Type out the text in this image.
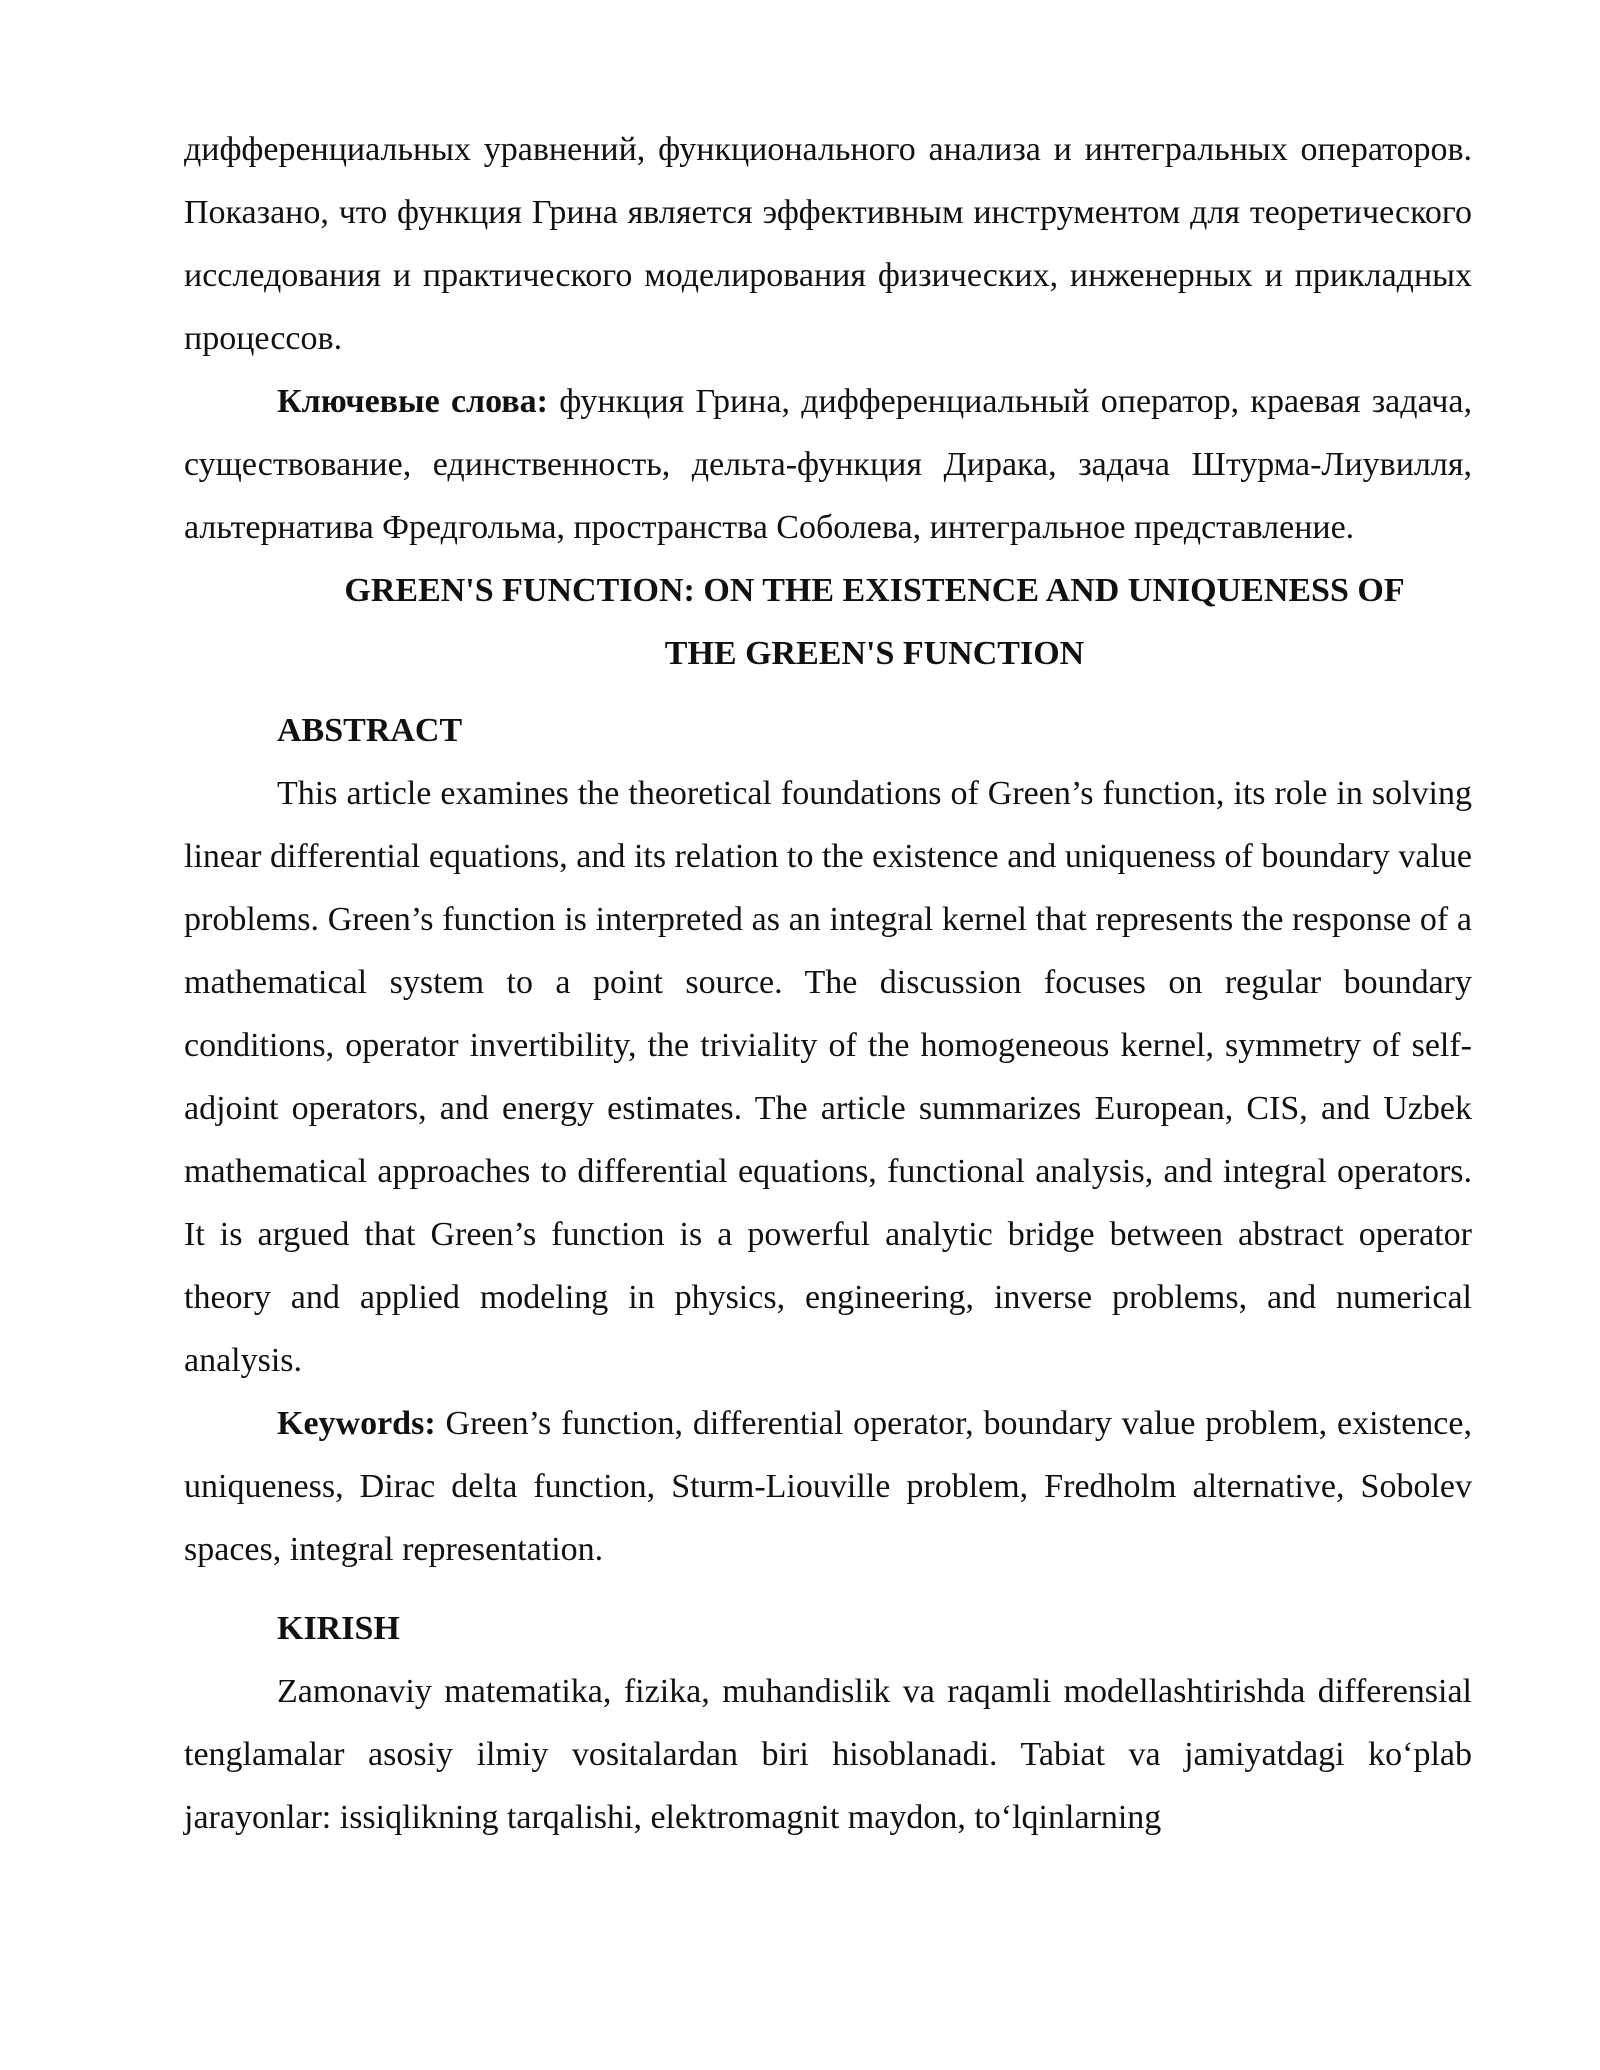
дифференциальных уравнений, функционального анализа и интегральных операторов. Показано, что функция Грина является эффективным инструментом для теоретического исследования и практического моделирования физических, инженерных и прикладных процессов.

Ключевые слова: функция Грина, дифференциальный оператор, краевая задача, существование, единственность, дельта-функция Дирака, задача Штурма-Лиувилля, альтернатива Фредгольма, пространства Соболева, интегральное представление.

GREEN'S FUNCTION: ON THE EXISTENCE AND UNIQUENESS OF
THE GREEN'S FUNCTION
ABSTRACT

This article examines the theoretical foundations of Green’s function, its role in solving linear differential equations, and its relation to the existence and uniqueness of boundary value problems. Green’s function is interpreted as an integral kernel that represents the response of a mathematical system to a point source. The discussion focuses on regular boundary conditions, operator invertibility, the triviality of the homogeneous kernel, symmetry of self-adjoint operators, and energy estimates. The article summarizes European, CIS, and Uzbek mathematical approaches to differential equations, functional analysis, and integral operators. It is argued that Green’s function is a powerful analytic bridge between abstract operator theory and applied modeling in physics, engineering, inverse problems, and numerical analysis.

Keywords: Green’s function, differential operator, boundary value problem, existence, uniqueness, Dirac delta function, Sturm-Liouville problem, Fredholm alternative, Sobolev spaces, integral representation.

KIRISH

Zamonaviy matematika, fizika, muhandislik va raqamli modellashtirishda differensial tenglamalar asosiy ilmiy vositalardan biri hisoblanadi. Tabiat va jamiyatdagi ko‘plab jarayonlar: issiqlikning tarqalishi, elektromagnit maydon, to‘lqinlarning
